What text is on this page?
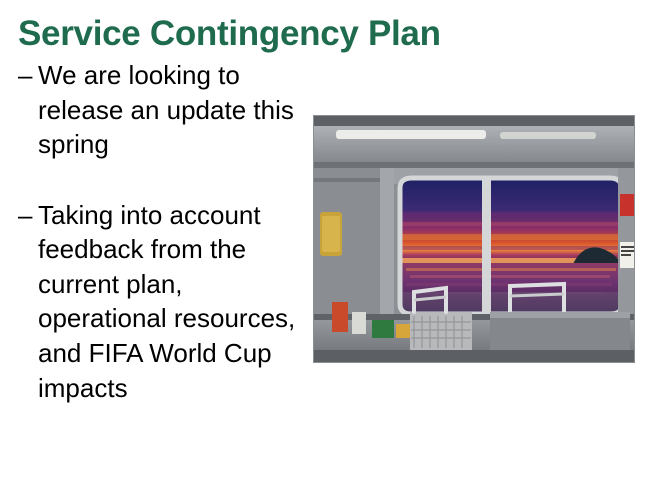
Service Contingency Plan
– We are looking to release an update this spring
– Taking into account feedback from the current plan, operational resources, and FIFA World Cup impacts
